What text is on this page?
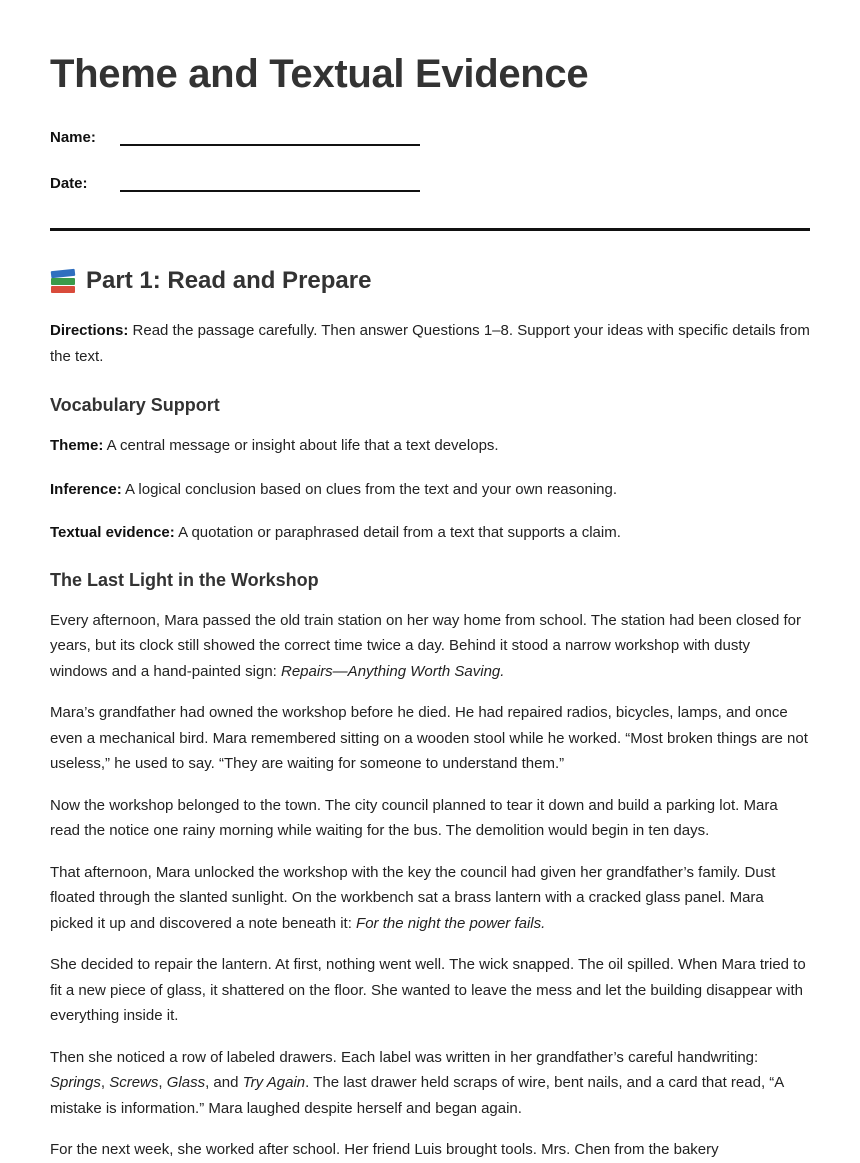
Theme and Textual Evidence
Name:
Date:
Part 1: Read and Prepare

Directions: Read the passage carefully. Then answer Questions 1–8. Support your ideas with specific details from the text.

Vocabulary Support

Theme: A central message or insight about life that a text develops.

Inference: A logical conclusion based on clues from the text and your own reasoning.

Textual evidence: A quotation or paraphrased detail from a text that supports a claim.

The Last Light in the Workshop

Every afternoon, Mara passed the old train station on her way home from school. The station had been closed for years, but its clock still showed the correct time twice a day. Behind it stood a narrow workshop with dusty windows and a hand-painted sign: Repairs—Anything Worth Saving.

Mara’s grandfather had owned the workshop before he died. He had repaired radios, bicycles, lamps, and once even a mechanical bird. Mara remembered sitting on a wooden stool while he worked. “Most broken things are not useless,” he used to say. “They are waiting for someone to understand them.”

Now the workshop belonged to the town. The city council planned to tear it down and build a parking lot. Mara read the notice one rainy morning while waiting for the bus. The demolition would begin in ten days.

That afternoon, Mara unlocked the workshop with the key the council had given her grandfather’s family. Dust floated through the slanted sunlight. On the workbench sat a brass lantern with a cracked glass panel. Mara picked it up and discovered a note beneath it: For the night the power fails.

She decided to repair the lantern. At first, nothing went well. The wick snapped. The oil spilled. When Mara tried to fit a new piece of glass, it shattered on the floor. She wanted to leave the mess and let the building disappear with everything inside it.

Then she noticed a row of labeled drawers. Each label was written in her grandfather’s careful handwriting: Springs, Screws, Glass, and Try Again. The last drawer held scraps of wire, bent nails, and a card that read, “A mistake is information.” Mara laughed despite herself and began again.

For the next week, she worked after school. Her friend Luis brought tools. Mrs. Chen from the bakery
